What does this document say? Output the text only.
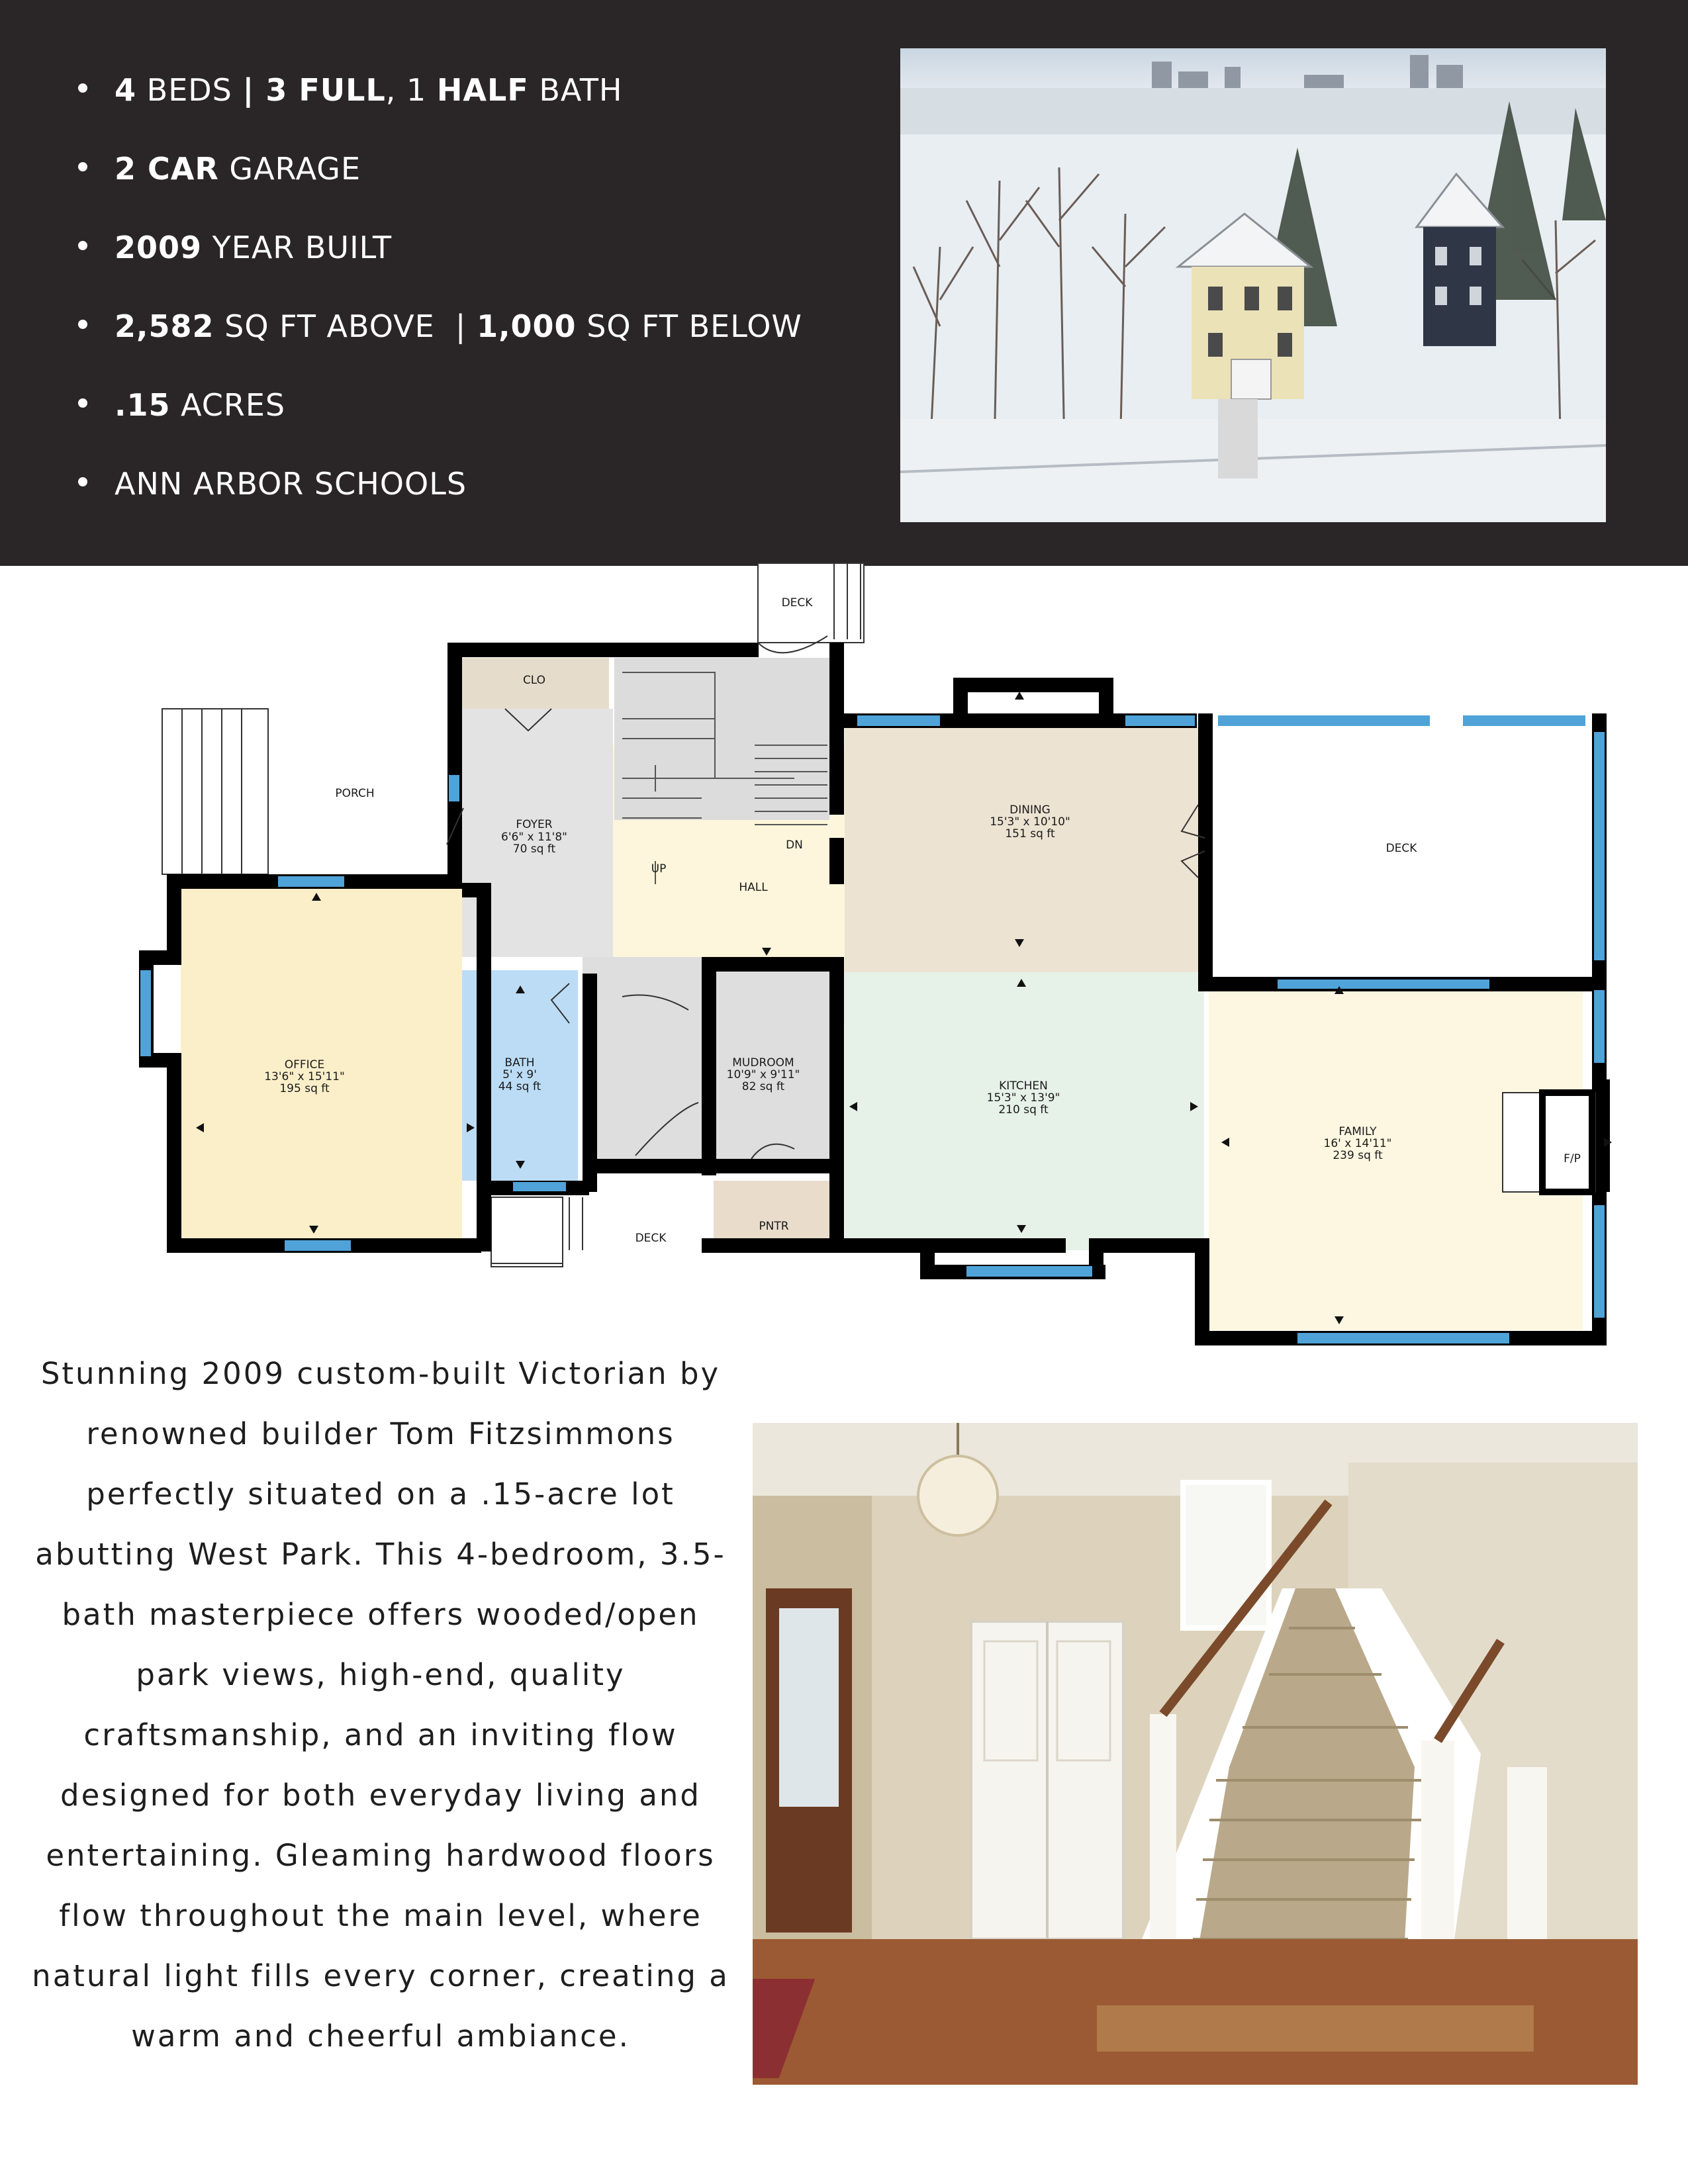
4 BEDS | 3 FULL, 1 HALF BATH
2 CAR GARAGE
2009 YEAR BUILT
2,582 SQ FT ABOVE  | 1,000 SQ FT BELOW
.15 ACRES
ANN ARBOR SCHOOLS
DECK
CLO
PORCH
FOYER
6'6" x 11'8"
70 sq ft
UP
DN
HALL
DINING
15'3" x 10'10"
151 sq ft
DECK
OFFICE
13'6" x 15'11"
195 sq ft
BATH
5' x 9'
44 sq ft
MUDROOM
10'9" x 9'11"
82 sq ft	KITCHEN
15'3" x 13'9"
210 sq ft
FAMILY
16' x 14'11"
239 sq ft	F/P
DECK
PNTR

Stunning 2009 custom-built Victorian by renowned builder Tom Fitzsimmons perfectly situated on a .15-acre lot abutting West Park. This 4-bedroom, 3.5-bath masterpiece offers wooded/open park views, high-end, quality craftsmanship, and an inviting flow designed for both everyday living and entertaining. Gleaming hardwood floors flow throughout the main level, where natural light fills every corner, creating a warm and cheerful ambiance.
